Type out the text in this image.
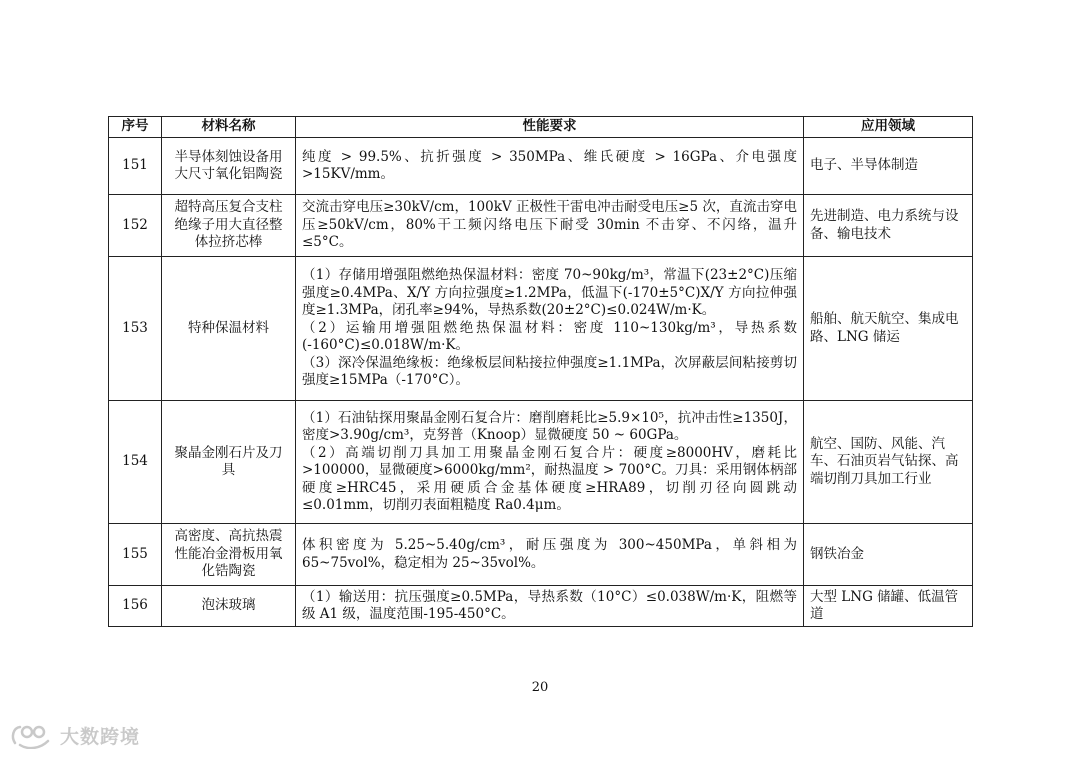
序号	材料名称	性能要求	应用领域
151	半导体刻蚀设备用大尺寸氧化铝陶瓷	纯度 > 99.5%、抗折强度 > 350MPa、维氏硬度 > 16GPa、介电强度>15KV/mm。	电子、半导体制造
152	超特高压复合支柱绝缘子用大直径整体拉挤芯棒	交流击穿电压≥30kV/cm，100kV 正极性干雷电冲击耐受电压≥5 次，直流击穿电压≥50kV/cm，80%干工频闪络电压下耐受 30min 不击穿、不闪络，温升≤5°C。	先进制造、电力系统与设备、输电技术
153	特种保温材料	（1）存储用增强阻燃绝热保温材料：密度 70~90kg/m³，常温下(23±2°C)压缩强度≥0.4MPa、X/Y 方向拉强度≥1.2MPa，低温下(-170±5°C)X/Y 方向拉伸强度≥1.3MPa，闭孔率≥94%，导热系数(20±2°C)≤0.024W/m·K。
（2）运输用增强阻燃绝热保温材料：密度 110~130kg/m³，导热系数(-160°C)≤0.018W/m·K。
（3）深冷保温绝缘板：绝缘板层间粘接拉伸强度≥1.1MPa，次屏蔽层间粘接剪切强度≥15MPa（-170°C）。	船舶、航天航空、集成电路、LNG 储运
154	聚晶金刚石片及刀具	（1）石油钻探用聚晶金刚石复合片：磨削磨耗比≥5.9×10⁵，抗冲击性≥1350J，密度>3.90g/cm³，克努普（Knoop）显微硬度 50 ~ 60GPa。
（2）高端切削刀具加工用聚晶金刚石复合片：硬度≥8000HV，磨耗比>100000，显微硬度>6000kg/mm²，耐热温度 > 700°C。刀具：采用钢体柄部硬度≥HRC45，采用硬质合金基体硬度≥HRA89，切削刃径向圆跳动≤0.01mm，切削刃表面粗糙度 Ra0.4μm。	航空、国防、风能、汽车、石油页岩气钻探、高端切削刀具加工行业
155	高密度、高抗热震性能冶金滑板用氧化锆陶瓷	体积密度为 5.25~5.40g/cm³，耐压强度为 300~450MPa，单斜相为 65~75vol%，稳定相为 25~35vol%。	钢铁冶金
156	泡沫玻璃	（1）输送用：抗压强度≥0.5MPa，导热系数（10°C）≤0.038W/m·K，阻燃等级 A1 级，温度范围-195-450°C。	大型 LNG 储罐、低温管道
20
大数跨境
